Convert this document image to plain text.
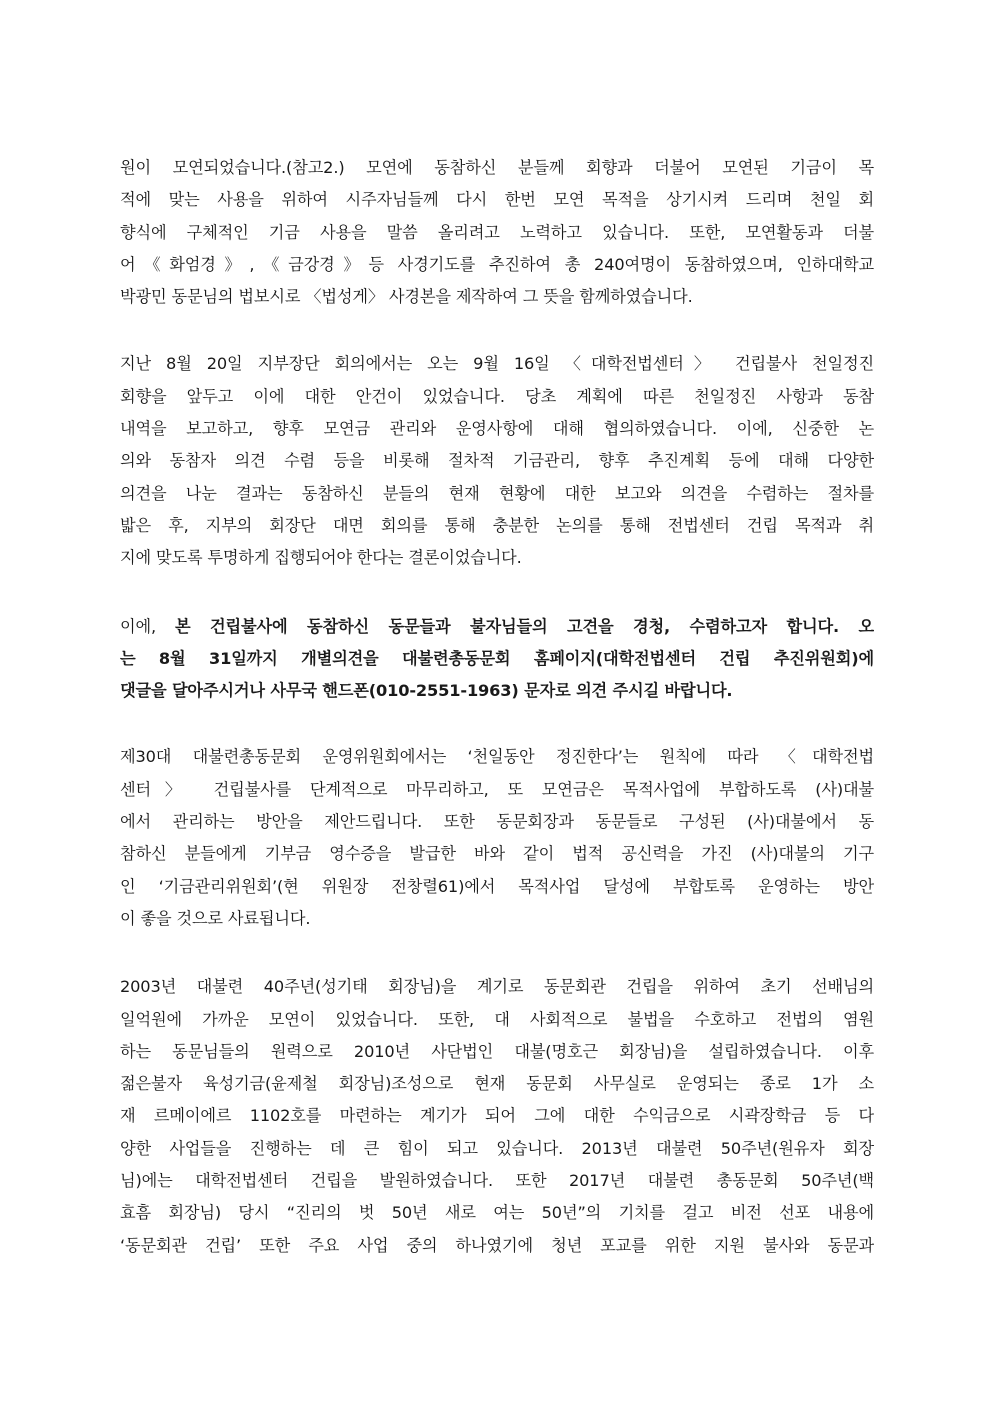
원이 모연되었습니다.(참고2.) 모연에 동참하신 분들께 회향과 더불어 모연된 기금이 목
적에 맞는 사용을 위하여 시주자님들께 다시 한번 모연 목적을 상기시켜 드리며 천일 회
향식에 구체적인 기금 사용을 말씀 올리려고 노력하고 있습니다. 또한, 모연활동과 더불
어《화엄경》,《금강경》등 사경기도를 추진하여 총 240여명이 동참하였으며, 인하대학교
박광민 동문님의 법보시로 〈법성게〉 사경본을 제작하여 그 뜻을 함께하였습니다.
지난 8월 20일 지부장단 회의에서는 오는 9월 16일 〈대학전법센터〉 건립불사 천일정진
회향을 앞두고 이에 대한 안건이 있었습니다. 당초 계획에 따른 천일정진 사항과 동참
내역을 보고하고, 향후 모연금 관리와 운영사항에 대해 협의하였습니다. 이에, 신중한 논
의와 동참자 의견 수렴 등을 비롯해 절차적 기금관리, 향후 추진계획 등에 대해 다양한
의견을 나눈 결과는 동참하신 분들의 현재 현황에 대한 보고와 의견을 수렴하는 절차를
밟은 후, 지부의 회장단 대면 회의를 통해 충분한 논의를 통해 전법센터 건립 목적과 취
지에 맞도록 투명하게 집행되어야 한다는 결론이었습니다.
이에, 본 건립불사에 동참하신 동문들과 불자님들의 고견을 경청, 수렴하고자 합니다. 오
는 8월 31일까지 개별의견을 대불련총동문회 홈페이지(대학전법센터 건립 추진위원회)에
댓글을 달아주시거나 사무국 핸드폰(010-2551-1963) 문자로 의견 주시길 바랍니다.
제30대 대불련총동문회 운영위원회에서는 ‘천일동안 정진한다’는 원칙에 따라 〈대학전법
센터〉 건립불사를 단계적으로 마무리하고, 또 모연금은 목적사업에 부합하도록 (사)대불
에서 관리하는 방안을 제안드립니다. 또한 동문회장과 동문들로 구성된 (사)대불에서 동
참하신 분들에게 기부금 영수증을 발급한 바와 같이 법적 공신력을 가진 (사)대불의 기구
인 ‘기금관리위원회’(현 위원장 전창렬61)에서 목적사업 달성에 부합토록 운영하는 방안
이 좋을 것으로 사료됩니다.
2003년 대불련 40주년(성기태 회장님)을 계기로 동문회관 건립을 위하여 초기 선배님의
일억원에 가까운 모연이 있었습니다. 또한, 대 사회적으로 불법을 수호하고 전법의 염원
하는 동문님들의 원력으로 2010년 사단법인 대불(명호근 회장님)을 설립하였습니다. 이후
젊은불자 육성기금(윤제철 회장님)조성으로 현재 동문회 사무실로 운영되는 종로 1가 소
재 르메이에르 1102호를 마련하는 계기가 되어 그에 대한 수익금으로 시곽장학금 등 다
양한 사업들을 진행하는 데 큰 힘이 되고 있습니다. 2013년 대불련 50주년(원유자 회장
님)에는 대학전법센터 건립을 발원하였습니다. 또한 2017년 대불련 총동문회 50주년(백
효흠 회장님) 당시 “진리의 벗 50년 새로 여는 50년”의 기치를 걸고 비전 선포 내용에
‘동문회관 건립’ 또한 주요 사업 중의 하나였기에 청년 포교를 위한 지원 불사와 동문과
